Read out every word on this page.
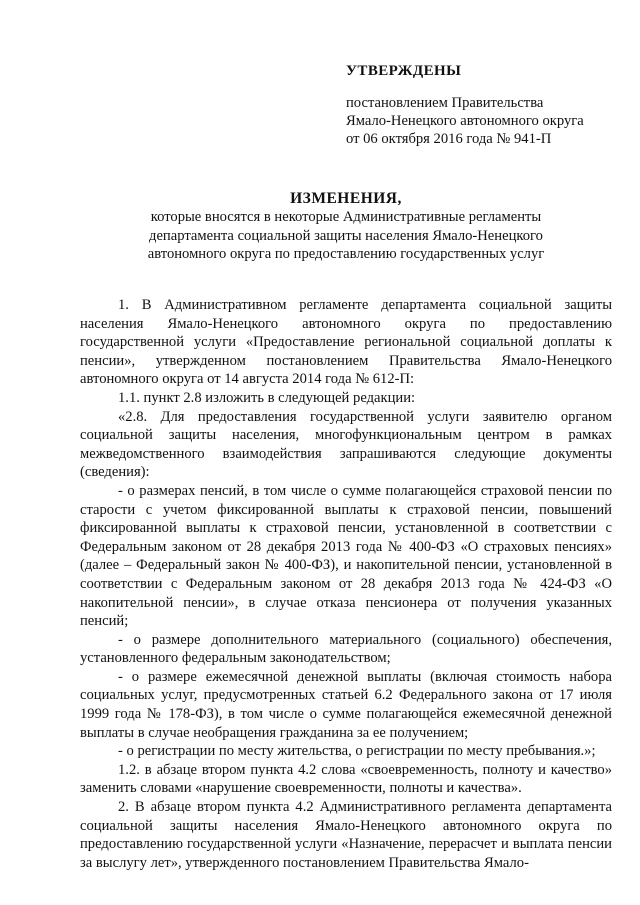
УТВЕРЖДЕНЫ
постановлением Правительства
Ямало-Ненецкого автономного округа
от 06 октября 2016 года № 941-П
ИЗМЕНЕНИЯ,
которые вносятся в некоторые Административные регламенты
департамента социальной защиты населения Ямало-Ненецкого
автономного округа по предоставлению государственных услуг

1. В Административном регламенте департамента социальной защиты населения Ямало-Ненецкого автономного округа по предоставлению государственной услуги «Предоставление региональной социальной доплаты к пенсии», утвержденном постановлением Правительства Ямало-Ненецкого автономного округа от 14 августа 2014 года № 612-П:

1.1. пункт 2.8 изложить в следующей редакции:

«2.8. Для предоставления государственной услуги заявителю органом социальной защиты населения, многофункциональным центром в рамках межведомственного взаимодействия запрашиваются следующие документы (сведения):

- о размерах пенсий, в том числе о сумме полагающейся страховой пенсии по старости с учетом фиксированной выплаты к страховой пенсии, повышений фиксированной выплаты к страховой пенсии, установленной в соответствии с Федеральным законом от 28 декабря 2013 года № 400-ФЗ «О страховых пенсиях» (далее – Федеральный закон № 400-ФЗ), и накопительной пенсии, установленной в соответствии с Федеральным законом от 28 декабря 2013 года № 424-ФЗ «О накопительной пенсии», в случае отказа пенсионера от получения указанных пенсий;

- о размере дополнительного материального (социального) обеспечения, установленного федеральным законодательством;

- о размере ежемесячной денежной выплаты (включая стоимость набора социальных услуг, предусмотренных статьей 6.2 Федерального закона от 17 июля 1999 года № 178-ФЗ), в том числе о сумме полагающейся ежемесячной денежной выплаты в случае необращения гражданина за ее получением;

- о регистрации по месту жительства, о регистрации по месту пребывания.»;

1.2. в абзаце втором пункта 4.2 слова «своевременность, полноту и качество» заменить словами «нарушение своевременности, полноты и качества».

2. В абзаце втором пункта 4.2 Административного регламента департамента социальной защиты населения Ямало-Ненецкого автономного округа по предоставлению государственной услуги «Назначение, перерасчет и выплата пенсии за выслугу лет», утвержденного постановлением Правительства Ямало-
